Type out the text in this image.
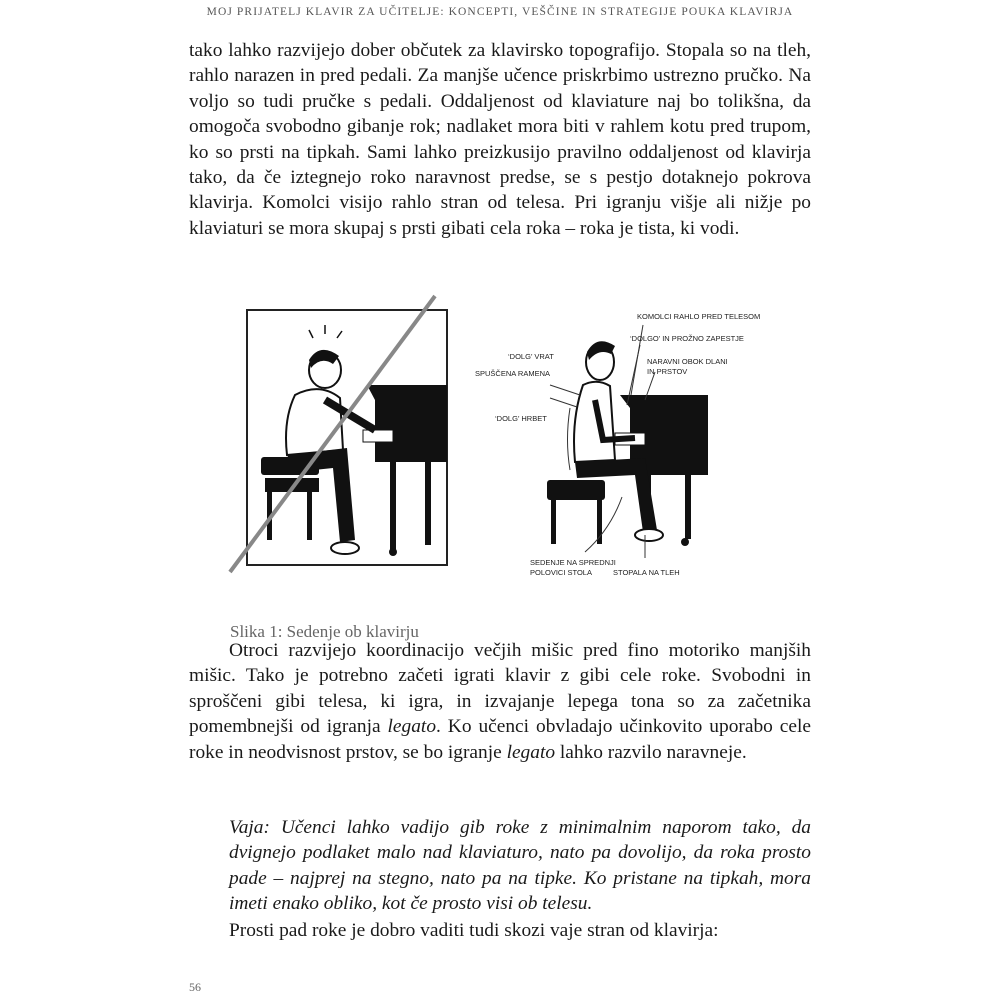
MOJ PRIJATELJ KLAVIR ZA UČITELJE: KONCEPTI, VEŠČINE IN STRATEGIJE POUKA KLAVIRJA

tako lahko razvijejo dober občutek za klavirsko topografijo. Stopala so na tleh, rahlo narazen in pred pedali. Za manjše učence priskrbimo ustrezno pručko. Na voljo so tudi pručke s pedali. Oddaljenost od klaviature naj bo tolikšna, da omogoča svobodno gibanje rok; nadlaket mora biti v rahlem kotu pred trupom, ko so prsti na tipkah. Sami lahko preizkusijo pravilno oddaljenost od klavirja tako, da če iztegnejo roko naravnost predse, se s pestjo dotaknejo pokrova klavirja. Komolci visijo rahlo stran od telesa. Pri igranju višje ali nižje po klaviaturi se mora skupaj s prsti gibati cela roka – roka je tista, ki vodi.

KOMOLCI RAHLO PRED TELESOM
‘DOLGO’ IN PROŽNO ZAPESTJE
NARAVNI OBOK DLANI
IN PRSTOV
‘DOLG’ VRAT
SPUŠČENA RAMENA
‘DOLG’ HRBET
SEDENJE NA SPREDNJI
POLOVICI STOLA	STOPALA NA TLEH
Slika 1: Sedenje ob klavirju

Otroci razvijejo koordinacijo večjih mišic pred fino motoriko manjših mišic. Tako je potrebno začeti igrati klavir z gibi cele roke. Svobodni in sproščeni gibi telesa, ki igra, in izvajanje lepega tona so za začetnika pomembnejši od igranja legato. Ko učenci obvladajo učinkovito uporabo cele roke in neodvisnost prstov, se bo igranje legato lahko razvilo naravneje.

Vaja: Učenci lahko vadijo gib roke z minimalnim naporom tako, da dvignejo podlaket malo nad klaviaturo, nato pa dovolijo, da roka prosto pade – najprej na stegno, nato pa na tipke. Ko pristane na tipkah, mora imeti enako obliko, kot če prosto visi ob telesu.

Prosti pad roke je dobro vaditi tudi skozi vaje stran od klavirja:

56
